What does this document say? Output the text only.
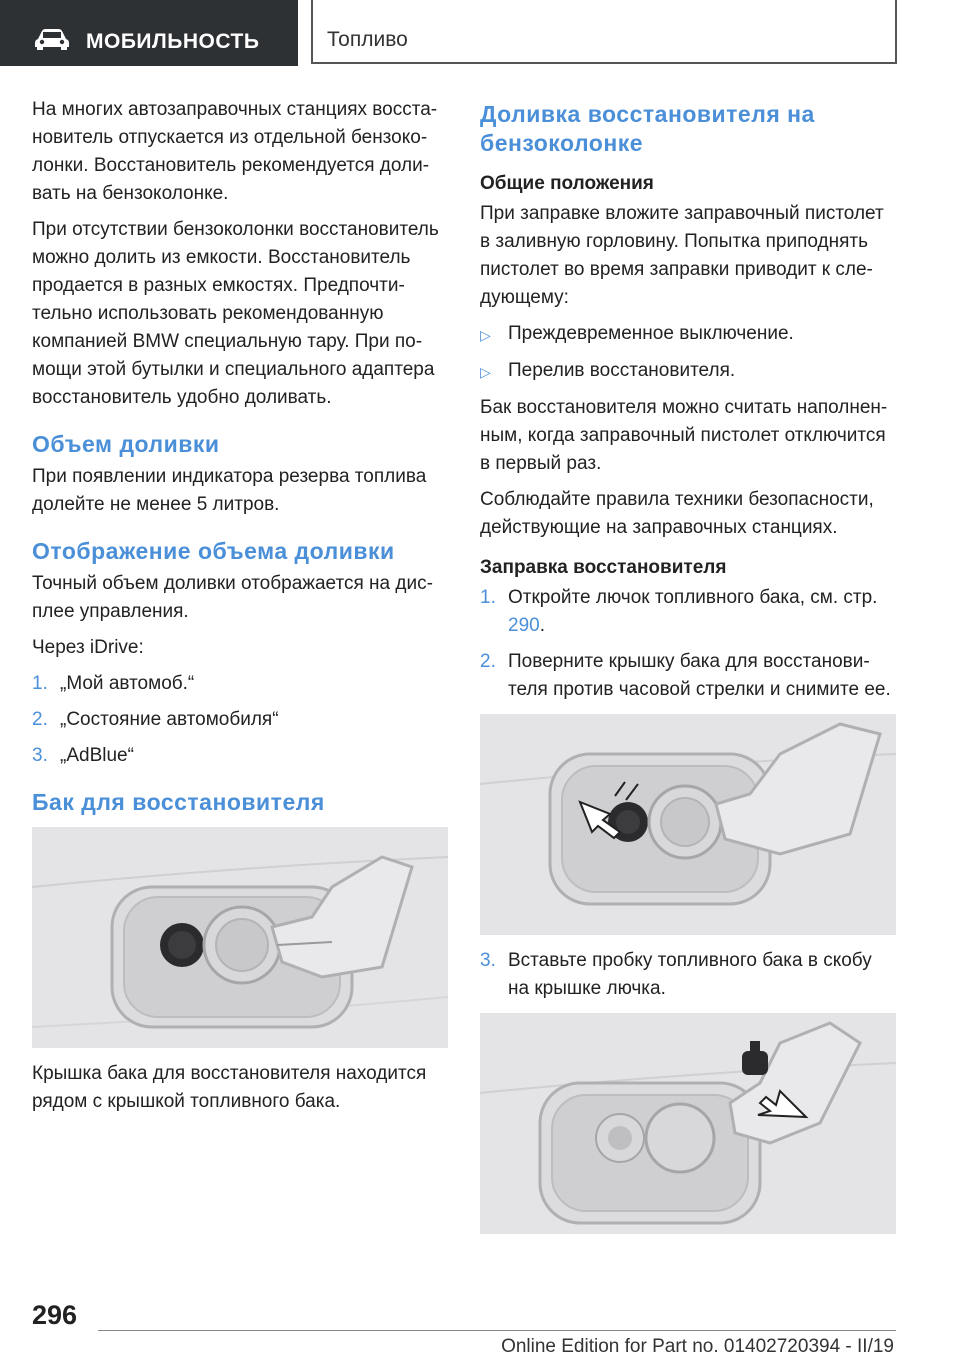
МОБИЛЬНОСТЬ	Топливо

На многих автозаправочных станциях восста-новитель отпускается из отдельной бензоко-лонки. Восстановитель рекомендуется доли-вать на бензоколонке.

При отсутствии бензоколонки восстановитель можно долить из емкости. Восстановитель продается в разных емкостях. Предпочти-тельно использовать рекомендованную компанией BMW специальную тару. При по-мощи этой бутылки и специального адаптера восстановитель удобно доливать.

Объем доливки

При появлении индикатора резерва топлива долейте не менее 5 литров.

Отображение объема доливки

Точный объем доливки отображается на дис-плее управления.

Через iDrive:

1. „Мой автомоб.“
2. „Состояние автомобиля“
3. „AdBlue“
Бак для восстановителя

Крышка бака для восстановителя находится рядом с крышкой топливного бака.

Доливка восстановителя на бензоколонке
Общие положения

При заправке вложите заправочный пистолет в заливную горловину. Попытка приподнять пистолет во время заправки приводит к сле-дующему:

▷ Преждевременное выключение.
▷ Перелив восстановителя.

Бак восстановителя можно считать наполнен-ным, когда заправочный пистолет отключится в первый раз.

Соблюдайте правила техники безопасности, действующие на заправочных станциях.

Заправка восстановителя
1. Откройте лючок топливного бака, см. стр. 290.
2. Поверните крышку бака для восстанови-теля против часовой стрелки и снимите ее.
3. Вставьте пробку топливного бака в скобу на крышке лючка.
296
Online Edition for Part no. 01402720394 - II/19
